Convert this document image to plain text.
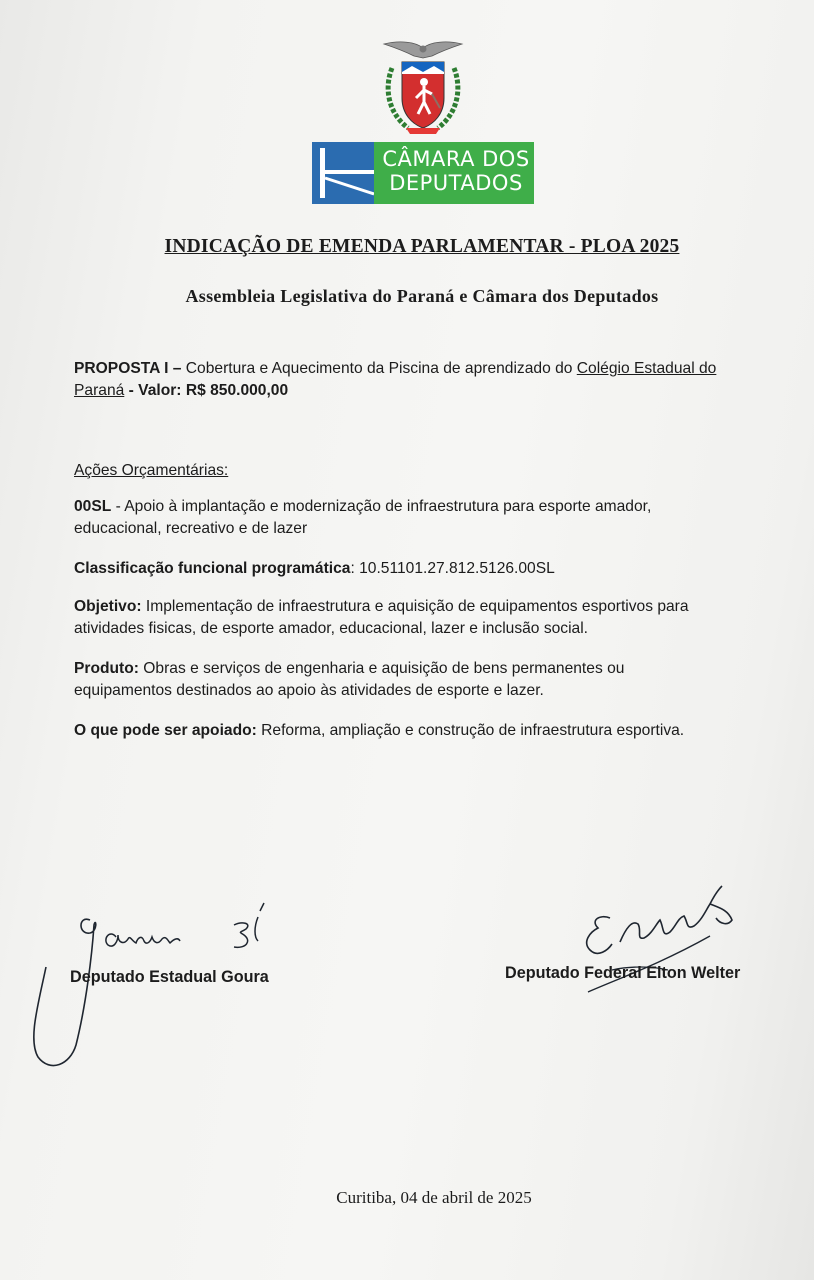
CÂMARA DOS
DEPUTADOS
INDICAÇÃO DE EMENDA PARLAMENTAR - PLOA 2025
Assembleia Legislativa do Paraná e Câmara dos Deputados
PROPOSTA I – Cobertura e Aquecimento da Piscina de aprendizado do Colégio Estadual do
Paraná - Valor: R$ 850.000,00
Ações Orçamentárias:
00SL - Apoio à implantação e modernização de infraestrutura para esporte amador,
educacional, recreativo e de lazer
Classificação funcional programática: 10.51101.27.812.5126.00SL
Objetivo: Implementação de infraestrutura e aquisição de equipamentos esportivos para
atividades fisicas, de esporte amador, educacional, lazer e inclusão social.
Produto: Obras e serviços de engenharia e aquisição de bens permanentes ou
equipamentos destinados ao apoio às atividades de esporte e lazer.
O que pode ser apoiado: Reforma, ampliação e construção de infraestrutura esportiva.
Deputado Estadual Goura	Deputado Federal Elton Welter
Curitiba, 04 de abril de 2025
